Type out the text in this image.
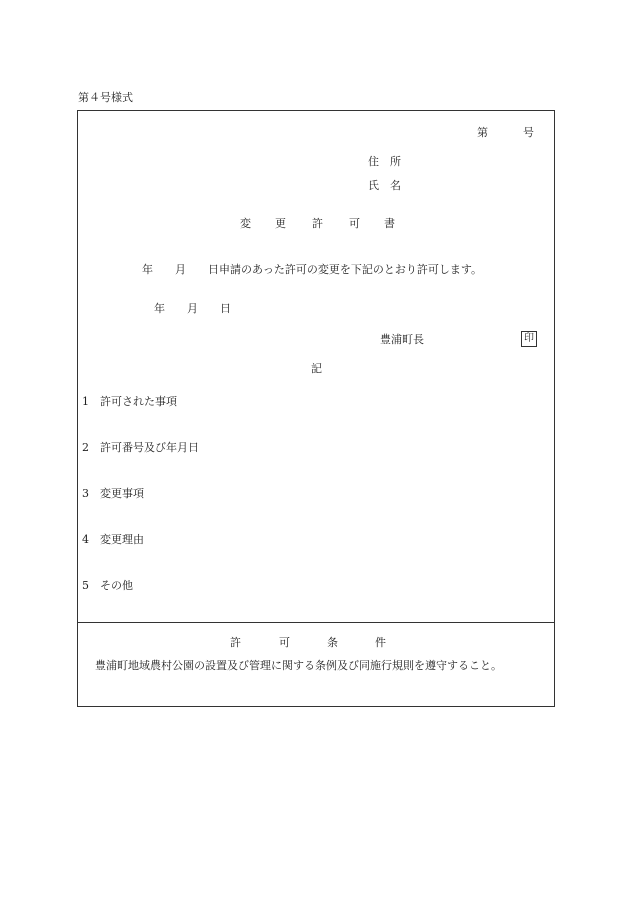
第４号様式
第	号
住　所
氏　名
変 更 許 可 書
年　　月　　日申請のあった許可の変更を下記のとおり許可します。
年　　月　　日
豊浦町長	印
記
1 許可された事項
2 許可番号及び年月日
3 変更事項
4 変更理由
5 その他
許	可	条	件
豊浦町地域農村公園の設置及び管理に関する条例及び同施行規則を遵守すること。
